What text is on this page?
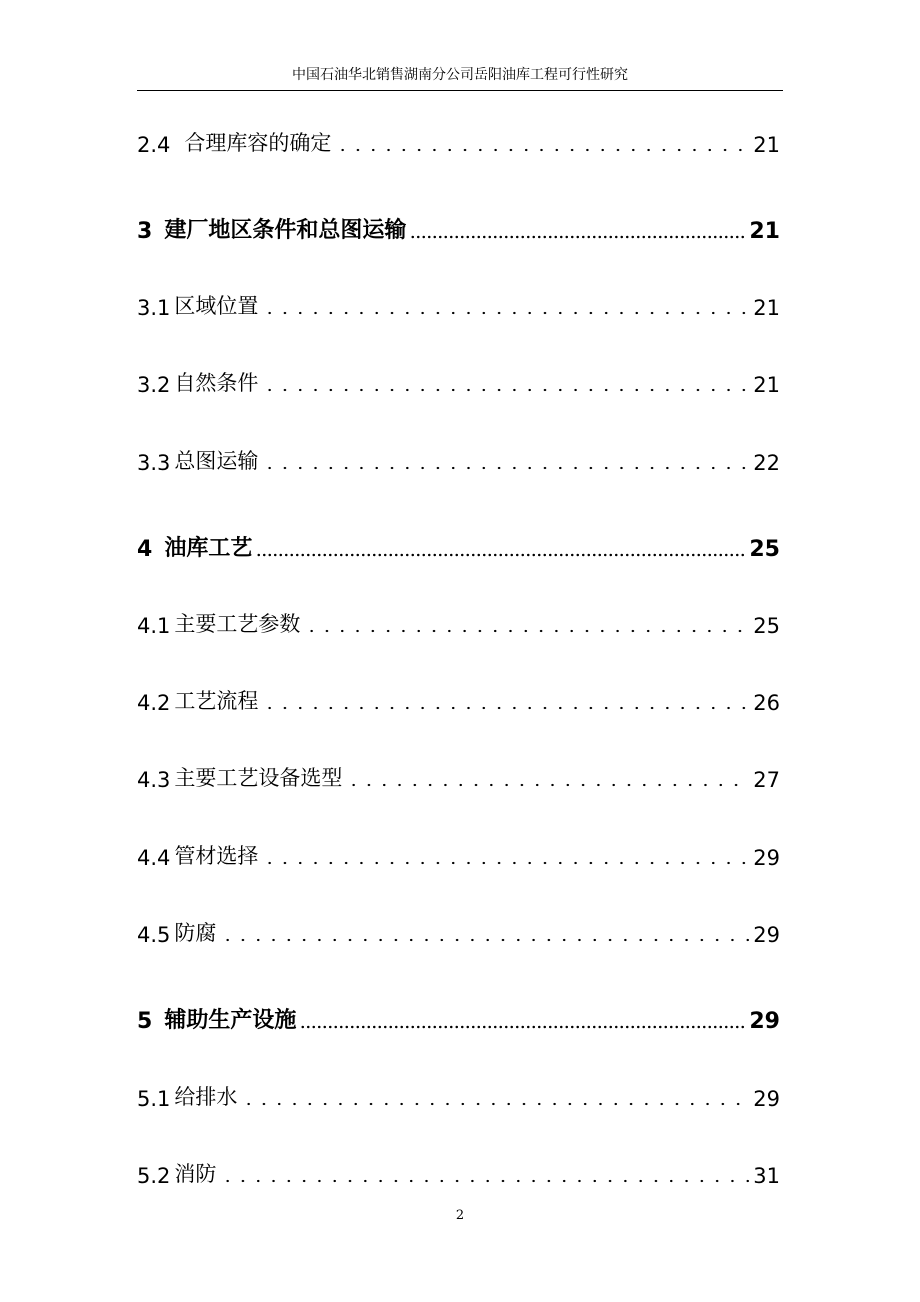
中国石油华北销售湖南分公司岳阳油库工程可行性研究
2.4 合理库容的确定	21
3 建厂地区条件和总图运输	21
3.1 区域位置	21
3.2 自然条件	21
3.3 总图运输	22
4 油库工艺	25
4.1 主要工艺参数	25
4.2 工艺流程	26
4.3 主要工艺设备选型	27
4.4 管材选择	29
4.5 防腐	29
5 辅助生产设施	29
5.1 给排水	29
5.2 消防	31
2
